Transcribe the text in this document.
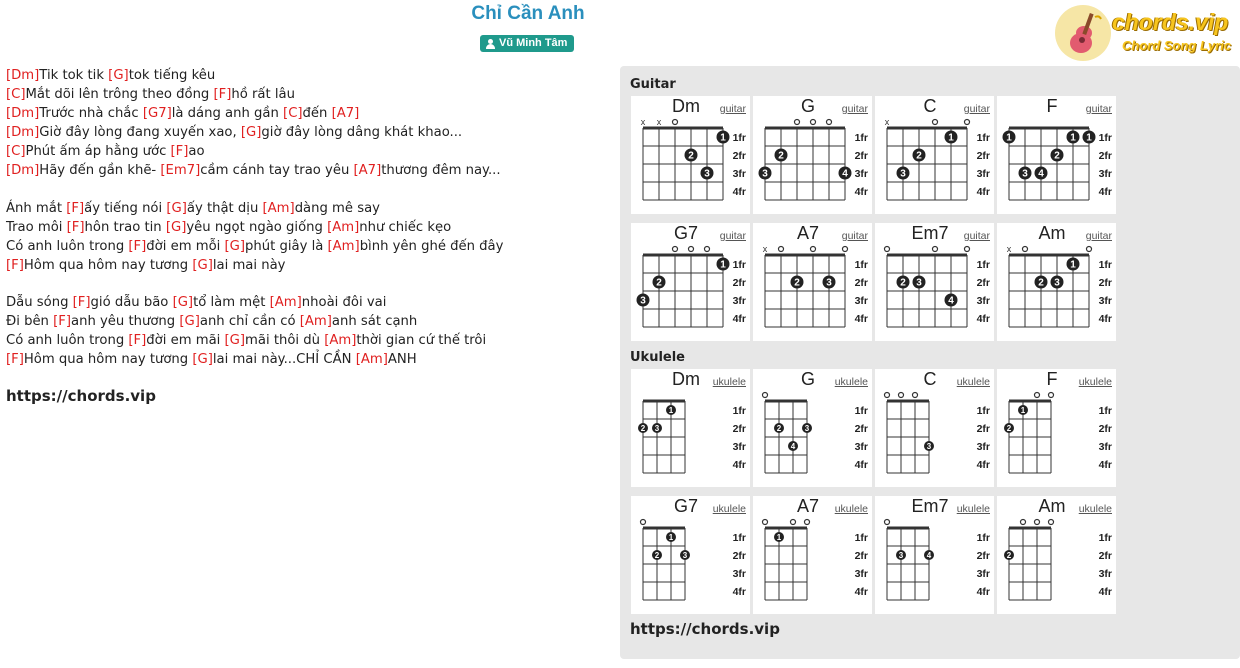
Chỉ Cần Anh
Vũ Minh Tâm
chords.vip
Chord Song Lyric
[Dm]Tik tok tik [G]tok tiếng kêu
[C]Mắt dõi lên trông theo đồng [F]hồ rất lâu
[Dm]Trước nhà chắc [G7]là dáng anh gần [C]đến [A7]
[Dm]Giờ đây lòng đang xuyến xao, [G]giờ đây lòng dâng khát khao...
[C]Phút ấm áp hằng ước [F]ao
[Dm]Hãy đến gần khẽ- [Em7]cầm cánh tay trao yêu [A7]thương đêm nay...
Ánh mắt [F]ấy tiếng nói [G]ấy thật dịu [Am]dàng mê say
Trao môi [F]hôn trao tin [G]yêu ngọt ngào giống [Am]như chiếc kẹo
Có anh luôn trong [F]đời em mỗi [G]phút giây là [Am]bình yên ghé đến đây
[F]Hôm qua hôm nay tương [G]lai mai này
Dẫu sóng [F]gió dẫu bão [G]tổ làm mệt [Am]nhoài đôi vai
Đi bên [F]anh yêu thương [G]anh chỉ cần có [Am]anh sát cạnh
Có anh luôn trong [F]đời em mãi [G]mãi thôi dù [Am]thời gian cứ thế trôi
[F]Hôm qua hôm nay tương [G]lai mai này...CHỈ CẦN [Am]ANH
https://chords.vip
Guitar
Ukulele
Dm	guitar
x x
2
3
1 1fr
2fr
3fr
4fr
G	guitar
3
2
4
1fr
2fr
3fr
4fr
C	guitar
x
3
2
1 1fr
2fr
3fr
4fr
F	guitar
1
3 4
2
1 1 1fr
2fr
3fr
4fr
G7	guitar
3
2
1 1fr
2fr
3fr
4fr
A7	guitar
x
2	3
1fr
2fr
3fr
4fr
Em7	guitar
2 3
4
1fr
2fr
3fr
4fr
Am	guitar
x
2 3
1 1fr
2fr
3fr
4fr
Dm	ukulele
2 3
1	1fr
2fr
3fr
4fr
G	ukulele
2
4
3
1fr
2fr
3fr
4fr
C	ukulele
3
1fr
2fr
3fr
4fr
F	ukulele
2
1	1fr
2fr
3fr
4fr
G7	ukulele
2
1
3
1fr
2fr
3fr
4fr
A7	ukulele
1	1fr
2fr
3fr
4fr
Em7 ukulele
3	4
1fr
2fr
3fr
4fr
Am	ukulele
2
1fr
2fr
3fr
4fr
https://chords.vip
